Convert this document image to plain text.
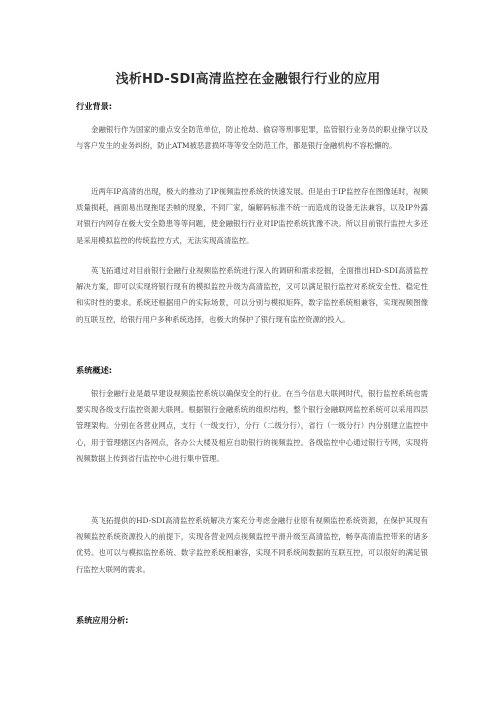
浅析HD-SDI高清监控在金融银行行业的应用
行业背景:

金融银行作为国家的重点安全防范单位，防止抢劫、偷窃等刑事犯罪，监管银行业务员的职业操守以及与客户发生的业务纠纷，防止ATM被恶意损坏等等安全防范工作，都是银行金融机构不容松懈的。

近两年IP高清的出现，极大的推动了IP视频监控系统的快速发展。但是由于IP监控存在图像延时，视频质量损耗，画面易出现拖尾丢帧的现象，不同厂家，编解码标准不统一而造成的设备无法兼容，以及IP外露对银行内网存在极大安全隐患等等问题，使金融银行行业对IP监控系统犹豫不决。所以目前银行监控大多还是采用模拟监控的传统监控方式，无法实现高清监控。

英飞拓通过对目前银行金融行业视频监控系统进行深入的调研和需求挖掘，全面推出HD-SDI高清监控解决方案，即可以实现将银行现有的模拟监控升级为高清监控，又可以满足银行监控对系统安全性、稳定性和实时性的要求。系统还根据用户的实际场景，可以分别与模拟矩阵，数字监控系统相兼容，实现视频图像的互联互控，给银行用户多种系统选择，也极大的保护了银行现有监控资源的投入。

系统概述:

银行金融行业是最早建设视频监控系统以确保安全的行业。在当今信息大联网时代，银行监控系统也需要实现各级支行监控资源大联网。根据银行金融系统的组织结构，整个银行金融联网监控系统可以采用四层管理架构。分别在各营业网点，支行（一级支行），分行（二级分行），省行（一级分行）内分别建立监控中心，用于管理辖区内各网点，各办公大楼及相应自助银行的视频监控。各级监控中心通过银行专网，实现将视频数据上传到省行监控中心进行集中管理。

英飞拓提供的HD-SDI高清监控系统解决方案充分考虑金融行业原有视频监控系统资源，在保护其现有视频监控系统资源投入的前提下，实现各营业网点视频监控平滑升级至高清监控，畅享高清监控带来的诸多优势。也可以与模拟监控系统、数字监控系统相兼容，实现不同系统间数据的互联互控，可以很好的满足银行监控大联网的需求。

系统应用分析:
